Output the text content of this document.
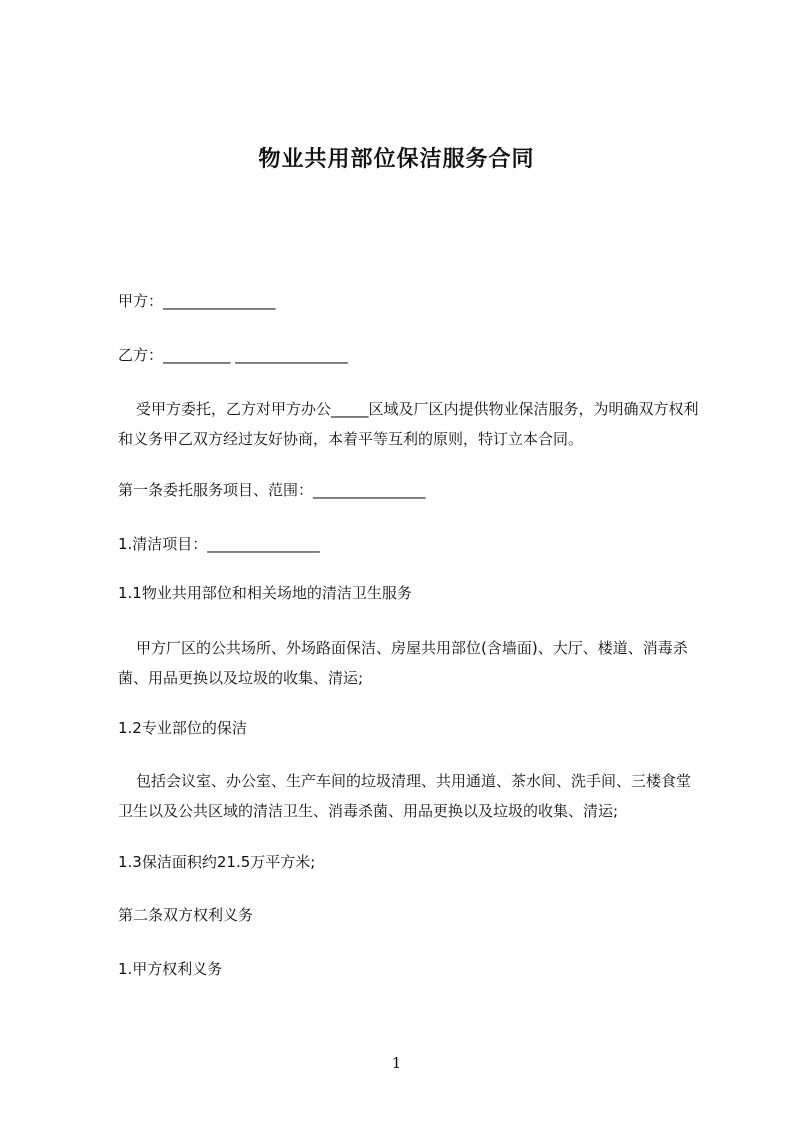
物业共用部位保洁服务合同
甲方：_______________
乙方：_________ _______________
受甲方委托，乙方对甲方办公_____区域及厂区内提供物业保洁服务，为明确双方权利和义务甲乙双方经过友好协商，本着平等互利的原则，特订立本合同。
第一条委托服务项目、范围：_______________
1.清洁项目：_______________
1.1物业共用部位和相关场地的清洁卫生服务
甲方厂区的公共场所、外场路面保洁、房屋共用部位(含墙面)、大厅、楼道、消毒杀菌、用品更换以及垃圾的收集、清运;
1.2专业部位的保洁
包括会议室、办公室、生产车间的垃圾清理、共用通道、茶水间、洗手间、三楼食堂卫生以及公共区域的清洁卫生、消毒杀菌、用品更换以及垃圾的收集、清运;
1.3保洁面积约21.5万平方米;
第二条双方权利义务
1.甲方权利义务
1
